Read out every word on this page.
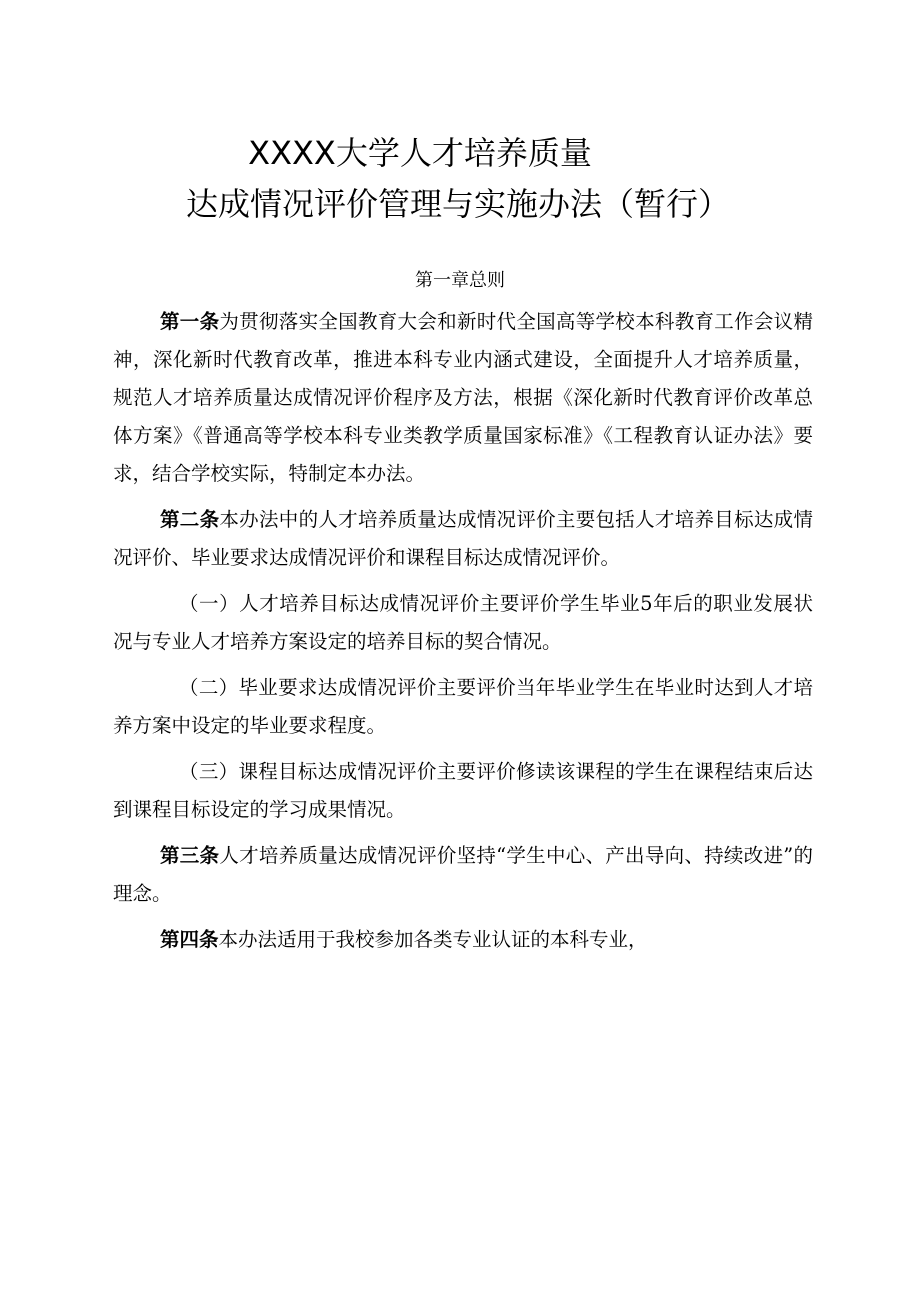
XXXX大学人才培养质量
达成情况评价管理与实施办法（暂行）
第一章总则

第一条为贯彻落实全国教育大会和新时代全国高等学校本科教育工作会议精神，深化新时代教育改革，推进本科专业内涵式建设，全面提升人才培养质量，规范人才培养质量达成情况评价程序及方法，根据《深化新时代教育评价改革总体方案》《普通高等学校本科专业类教学质量国家标准》《工程教育认证办法》要求，结合学校实际，特制定本办法。

第二条本办法中的人才培养质量达成情况评价主要包括人才培养目标达成情况评价、毕业要求达成情况评价和课程目标达成情况评价。

（一）人才培养目标达成情况评价主要评价学生毕业5年后的职业发展状况与专业人才培养方案设定的培养目标的契合情况。

（二）毕业要求达成情况评价主要评价当年毕业学生在毕业时达到人才培养方案中设定的毕业要求程度。

（三）课程目标达成情况评价主要评价修读该课程的学生在课程结束后达到课程目标设定的学习成果情况。

第三条人才培养质量达成情况评价坚持“学生中心、产出导向、持续改进”的理念。

第四条本办法适用于我校参加各类专业认证的本科专业，
